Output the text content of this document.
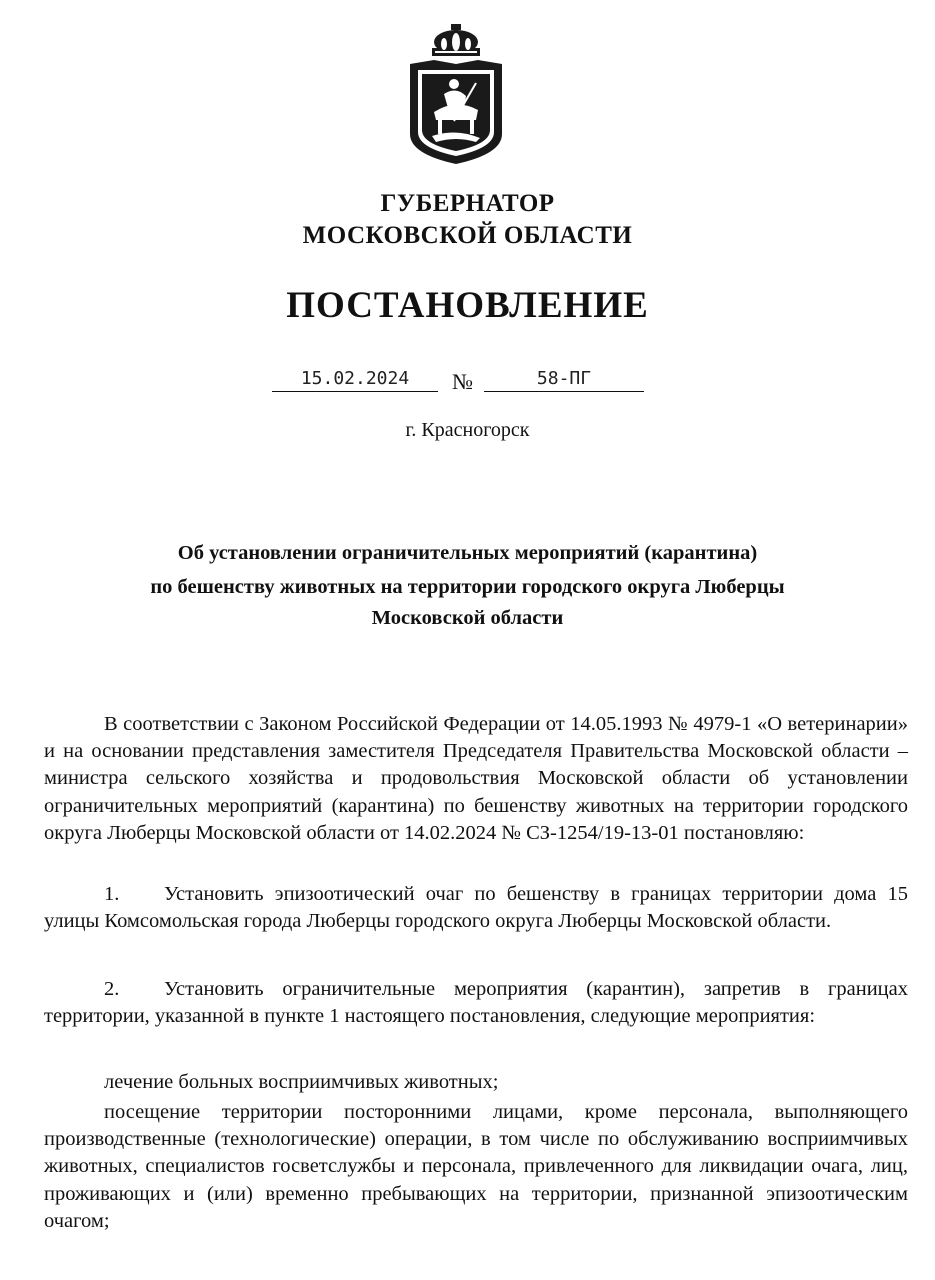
ГУБЕРНАТОР
МОСКОВСКОЙ ОБЛАСТИ
ПОСТАНОВЛЕНИЕ
15.02.2024	№	58-ПГ
г. Красногорск
Об установлении ограничительных мероприятий (карантина)
по бешенству животных на территории городского округа Люберцы
Московской области

В соответствии с Законом Российской Федерации от 14.05.1993 № 4979-1 «О ветеринарии» и на основании представления заместителя Председателя Правительства Московской области – министра сельского хозяйства и продовольствия Московской области об установлении ограничительных мероприятий (карантина) по бешенству животных на территории городского округа Люберцы Московской области от 14.02.2024 № СЗ-1254/19-13-01 постановляю:

1.	Установить эпизоотический очаг по бешенству в границах территории дома 15 улицы Комсомольская города Люберцы городского округа Люберцы Московской области.

2.	Установить ограничительные мероприятия (карантин), запретив в границах территории, указанной в пункте 1 настоящего постановления, следующие мероприятия:

лечение больных восприимчивых животных;

посещение территории посторонними лицами, кроме персонала, выполняющего производственные (технологические) операции, в том числе по обслуживанию восприимчивых животных, специалистов госветслужбы и персонала, привлеченного для ликвидации очага, лиц, проживающих и (или) временно пребывающих на территории, признанной эпизоотическим очагом;
